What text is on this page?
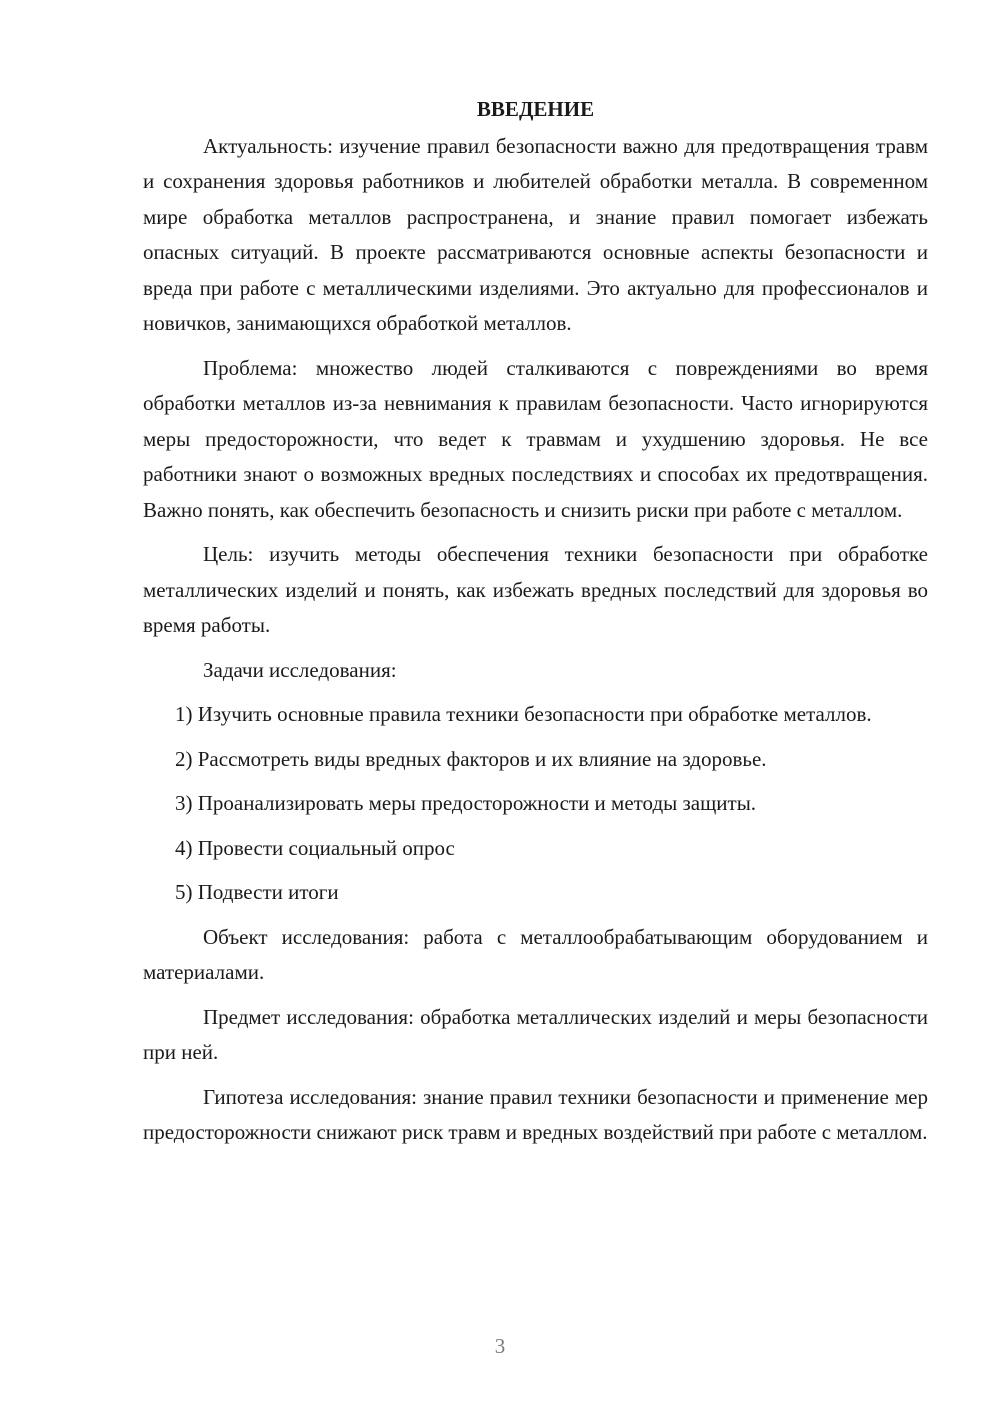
ВВЕДЕНИЕ

Актуальность: изучение правил безопасности важно для предотвращения травм и сохранения здоровья работников и любителей обработки металла. В современном мире обработка металлов распространена, и знание правил помогает избежать опасных ситуаций. В проекте рассматриваются основные аспекты безопасности и вреда при работе с металлическими изделиями. Это актуально для профессионалов и новичков, занимающихся обработкой металлов.

Проблема: множество людей сталкиваются с повреждениями во время обработки металлов из-за невнимания к правилам безопасности. Часто игнорируются меры предосторожности, что ведет к травмам и ухудшению здоровья. Не все работники знают о возможных вредных последствиях и способах их предотвращения. Важно понять, как обеспечить безопасность и снизить риски при работе с металлом.

Цель: изучить методы обеспечения техники безопасности при обработке металлических изделий и понять, как избежать вредных последствий для здоровья во время работы.

Задачи исследования:

1) Изучить основные правила техники безопасности при обработке металлов.

2) Рассмотреть виды вредных факторов и их влияние на здоровье.

3) Проанализировать меры предосторожности и методы защиты.

4) Провести социальный опрос

5) Подвести итоги

Объект исследования: работа с металлообрабатывающим оборудованием и материалами.

Предмет исследования: обработка металлических изделий и меры безопасности при ней.

Гипотеза исследования: знание правил техники безопасности и применение мер предосторожности снижают риск травм и вредных воздействий при работе с металлом.

3
